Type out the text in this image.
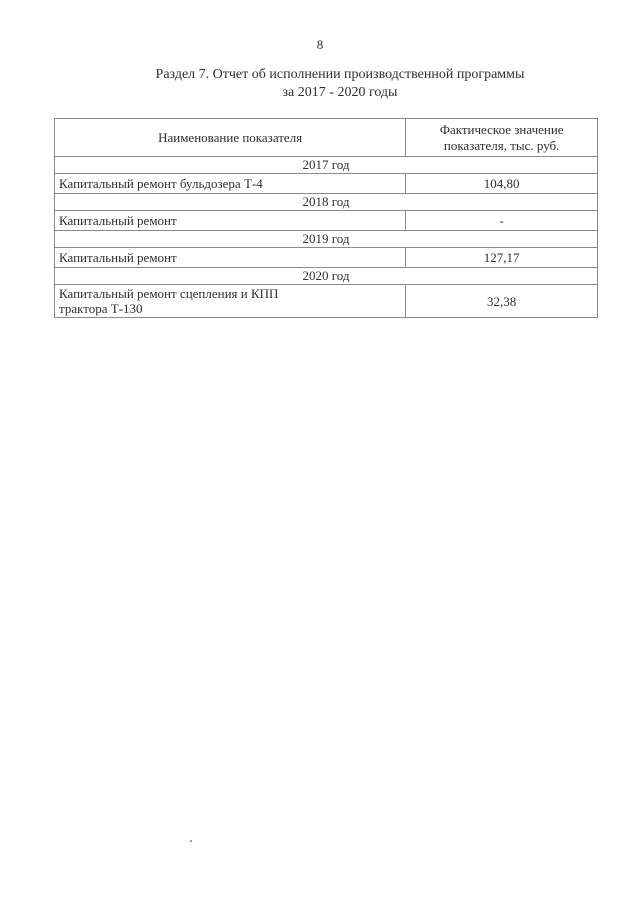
8
Раздел 7. Отчет об исполнении производственной программы
за 2017 - 2020 годы
Наименование показателя	Фактическое значение
показателя, тыс. руб.

2017 год	
Капитальный ремонт бульдозера Т-4	104,80
2018 год	
Капитальный ремонт	-
2019 год	
Капитальный ремонт	127,17
2020 год	

Капитальный ремонт сцепления и КПП
трактора Т-130	32,38
